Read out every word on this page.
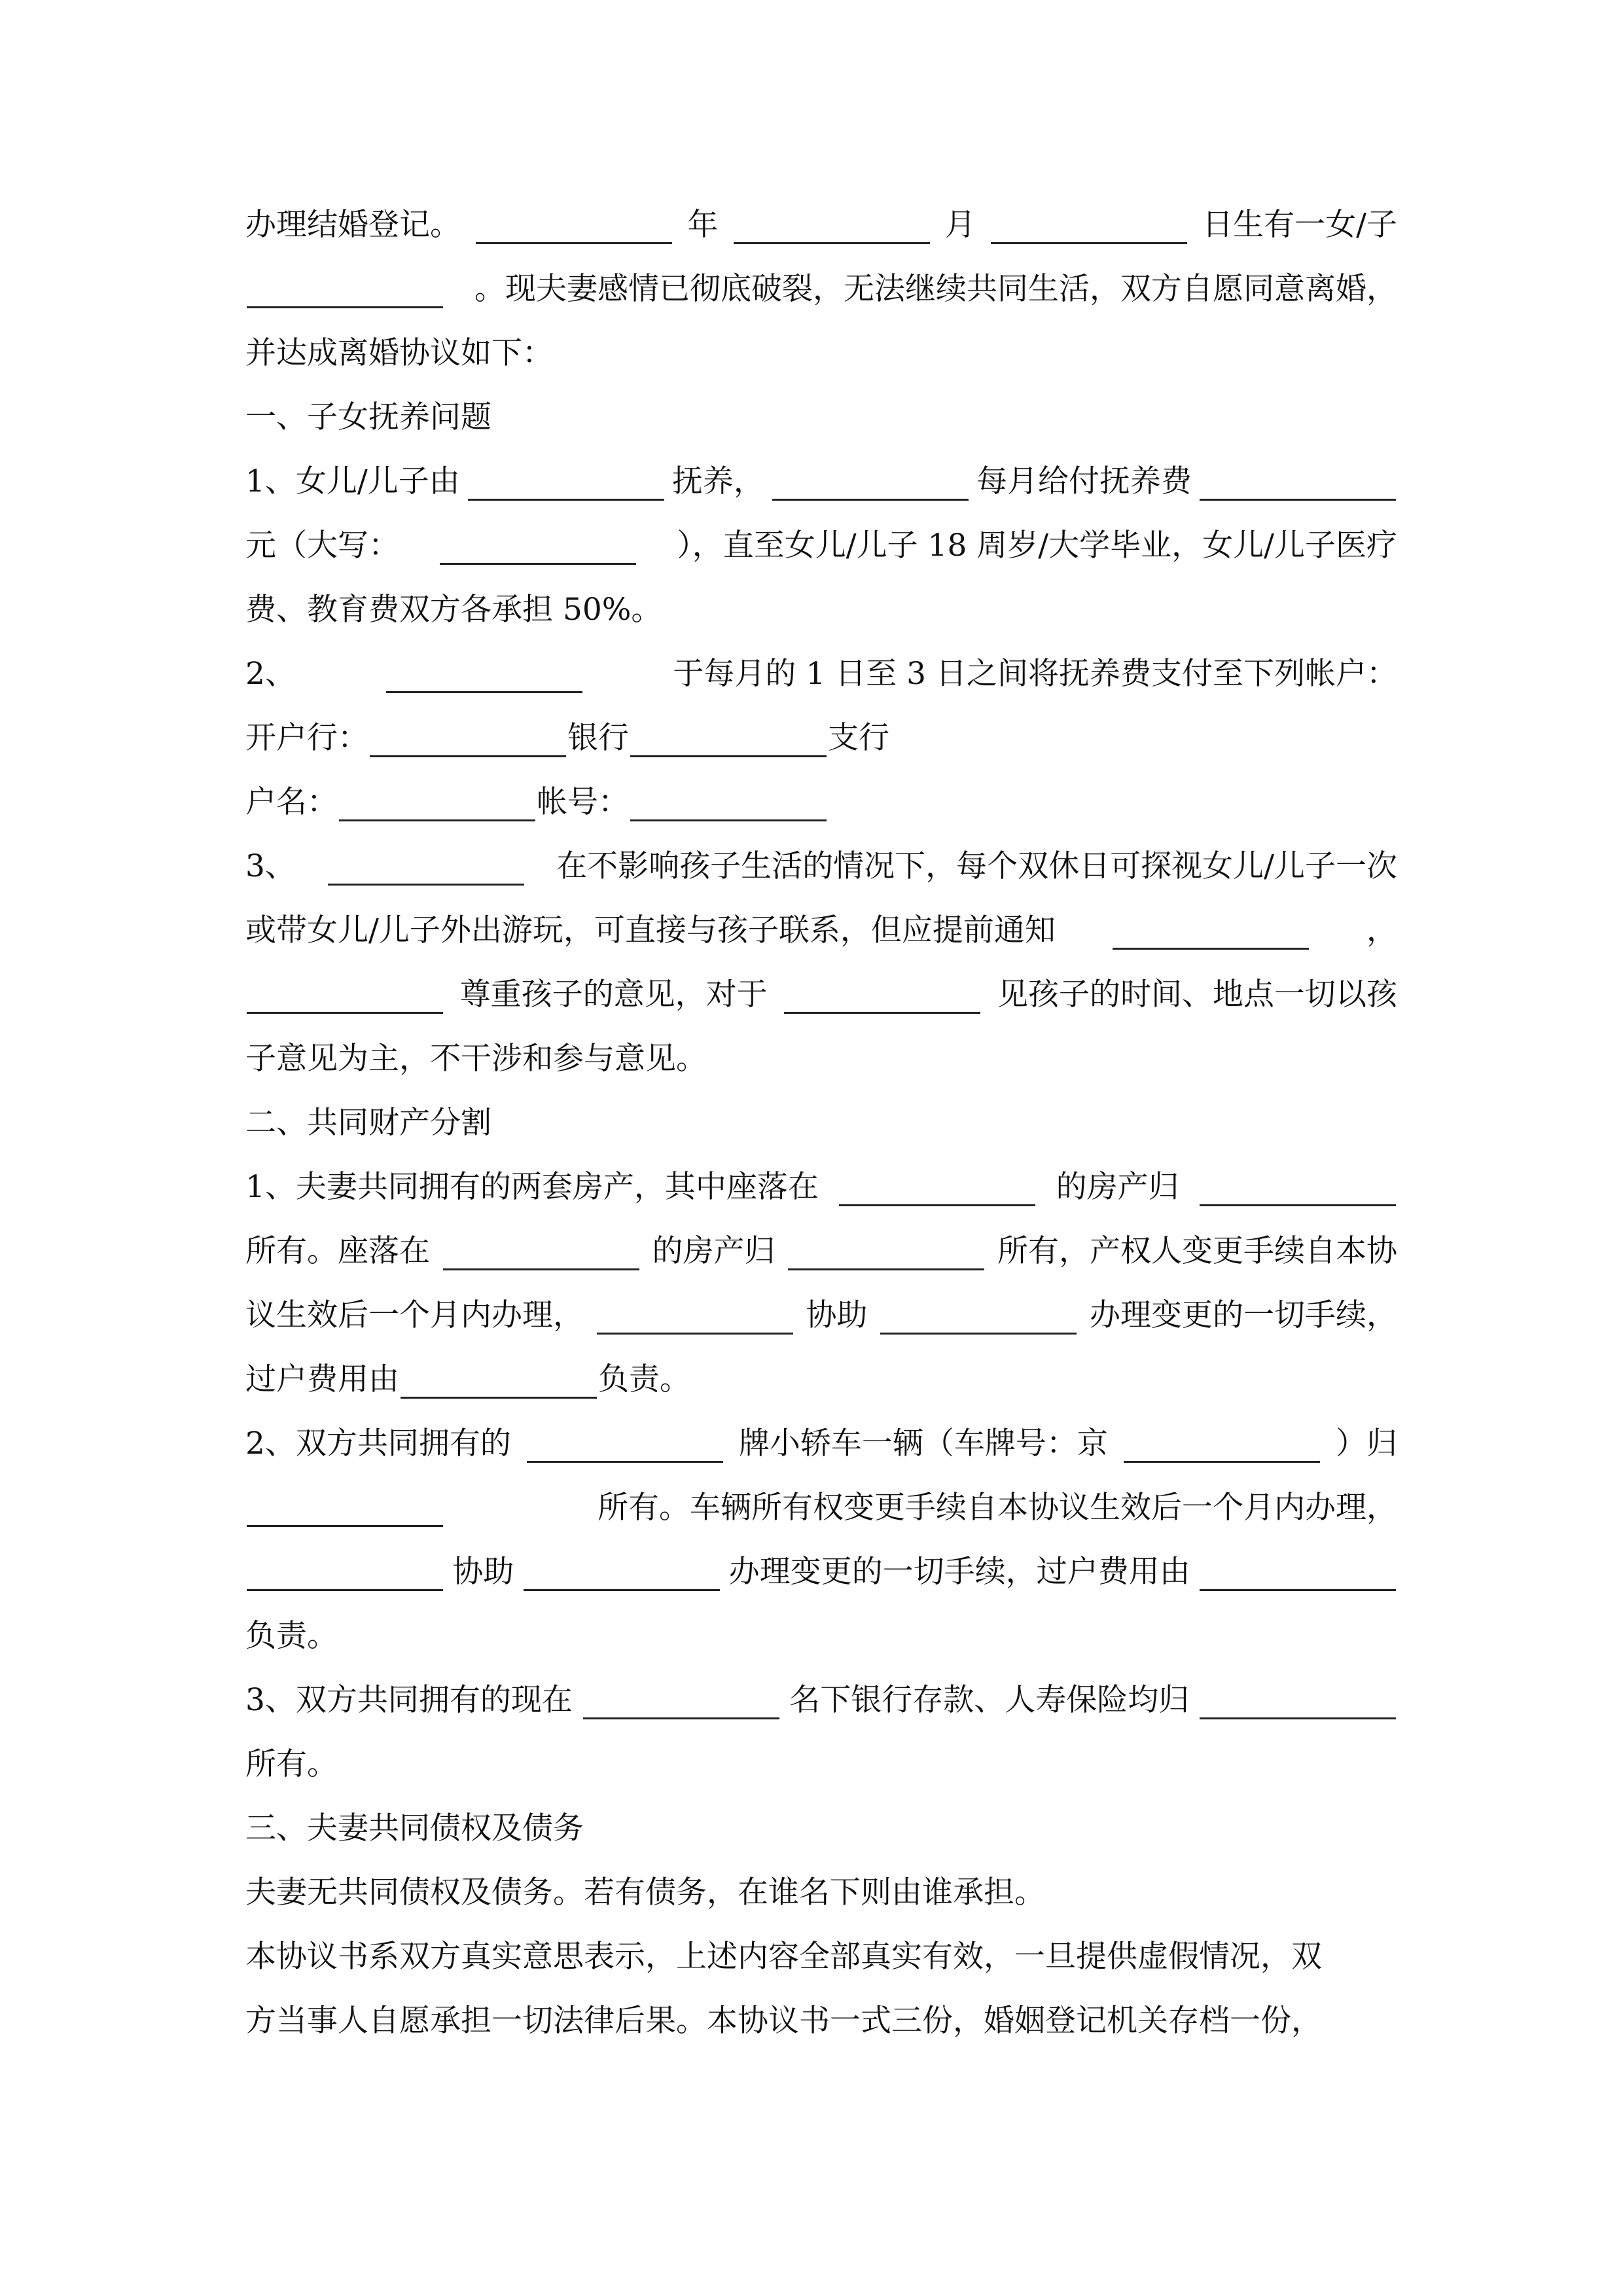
办理结婚登记。	年	月	日生有一女/子
。现夫妻感情已彻底破裂，无法继续共同生活，双方自愿同意离婚，
并达成离婚协议如下：
一、子女抚养问题
1、女儿/儿子由	抚养，	每月给付抚养费
元（大写：	），直至女儿/儿子 18 周岁/大学毕业，女儿/儿子医疗
费、教育费双方各承担 50%。
2、	于每月的 1 日至 3 日之间将抚养费支付至下列帐户：
开户行：	银行	支行
户名：	帐号：
3、	在不影响孩子生活的情况下，每个双休日可探视女儿/儿子一次
或带女儿/儿子外出游玩，可直接与孩子联系，但应提前通知	，
尊重孩子的意见，对于	见孩子的时间、地点一切以孩
子意见为主，不干涉和参与意见。
二、共同财产分割
1、夫妻共同拥有的两套房产，其中座落在	的房产归
所有。座落在	的房产归	所有，产权人变更手续自本协
议生效后一个月内办理，	协助	办理变更的一切手续，
过户费用由	负责。
2、双方共同拥有的	牌小轿车一辆（车牌号：京	）归
所有。车辆所有权变更手续自本协议生效后一个月内办理，
协助	办理变更的一切手续，过户费用由
负责。
3、双方共同拥有的现在	名下银行存款、人寿保险均归
所有。
三、夫妻共同债权及债务
夫妻无共同债权及债务。若有债务，在谁名下则由谁承担。
本协议书系双方真实意思表示，上述内容全部真实有效，一旦提供虚假情况，双
方当事人自愿承担一切法律后果。本协议书一式三份，婚姻登记机关存档一份，
